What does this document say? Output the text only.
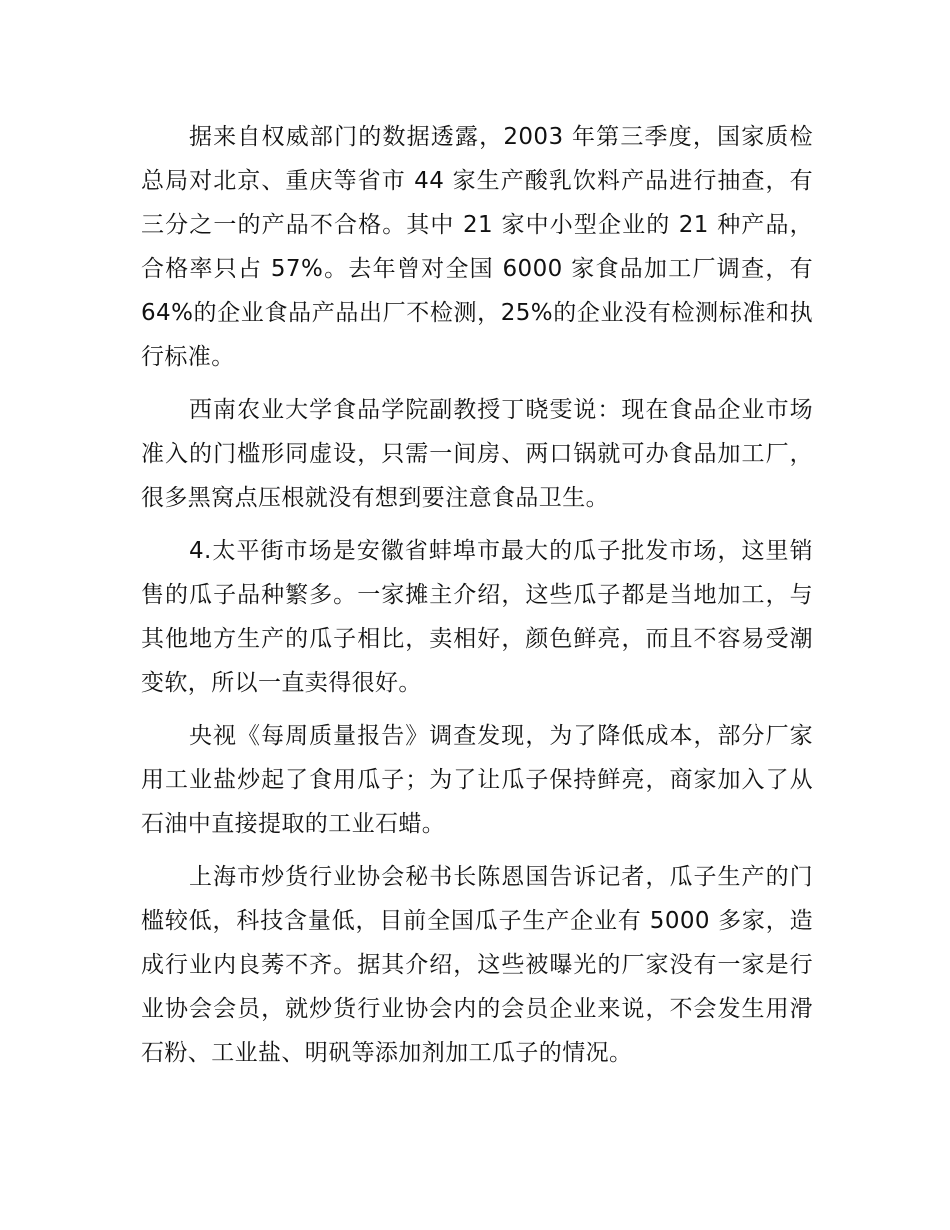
据来自权威部门的数据透露，2003 年第三季度，国家质检总局对北京、重庆等省市 44 家生产酸乳饮料产品进行抽查，有三分之一的产品不合格。其中 21 家中小型企业的 21 种产品，合格率只占 57%。去年曾对全国 6000 家食品加工厂调查，有 64%的企业食品产品出厂不检测，25%的企业没有检测标准和执行标准。

西南农业大学食品学院副教授丁晓雯说：现在食品企业市场准入的门槛形同虚设，只需一间房、两口锅就可办食品加工厂，很多黑窝点压根就没有想到要注意食品卫生。

4.太平街市场是安徽省蚌埠市最大的瓜子批发市场，这里销售的瓜子品种繁多。一家摊主介绍，这些瓜子都是当地加工，与其他地方生产的瓜子相比，卖相好，颜色鲜亮，而且不容易受潮变软，所以一直卖得很好。

央视《每周质量报告》调查发现，为了降低成本，部分厂家用工业盐炒起了食用瓜子；为了让瓜子保持鲜亮，商家加入了从石油中直接提取的工业石蜡。

上海市炒货行业协会秘书长陈恩国告诉记者，瓜子生产的门槛较低，科技含量低，目前全国瓜子生产企业有 5000 多家，造成行业内良莠不齐。据其介绍，这些被曝光的厂家没有一家是行业协会会员，就炒货行业协会内的会员企业来说，不会发生用滑石粉、工业盐、明矾等添加剂加工瓜子的情况。
